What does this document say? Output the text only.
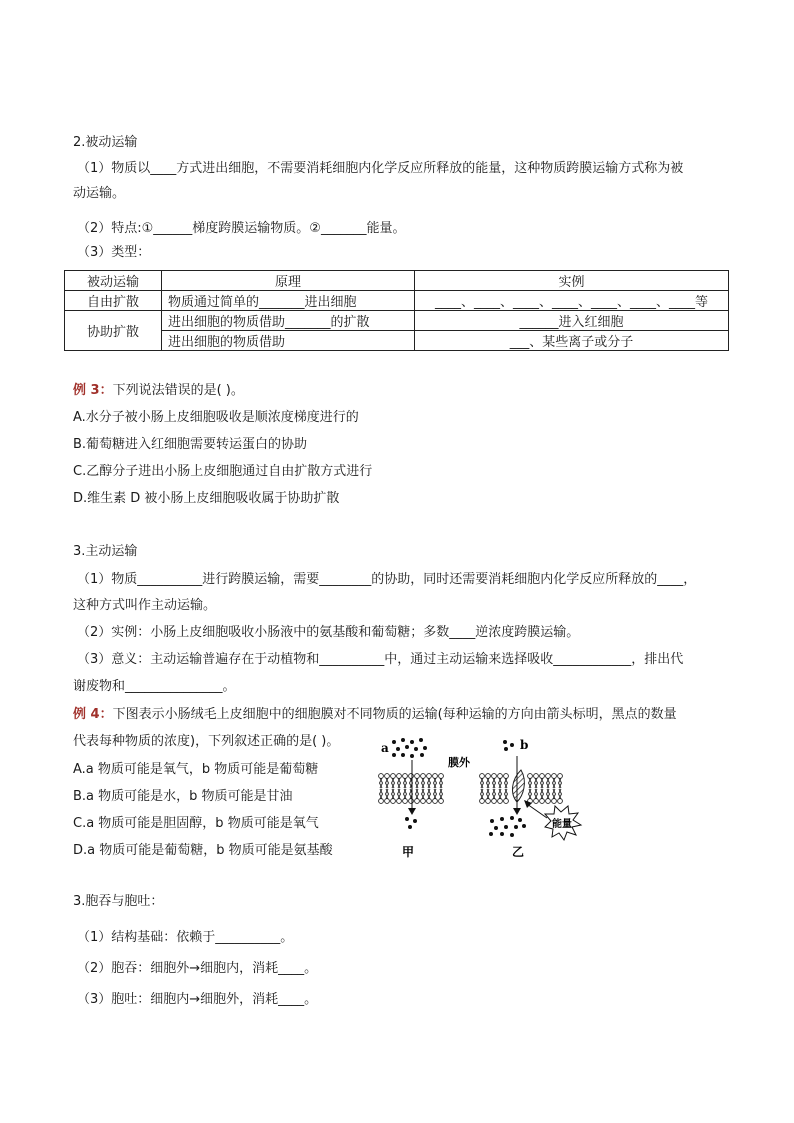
2.被动运输
（1）物质以____方式进出细胞，不需要消耗细胞内化学反应所释放的能量，这种物质跨膜运输方式称为被
动运输。
（2）特点:①______梯度跨膜运输物质。②_______能量。
（3）类型：
被动运输	原理	实例
自由扩散	物质通过简单的_______进出细胞	____、____、____、____、____、____、____等
协助扩散	进出细胞的物质借助_______的扩散	______进入红细胞
	进出细胞的物质借助	___、某些离子或分子
例 3：下列说法错误的是( )。
A.水分子被小肠上皮细胞吸收是顺浓度梯度进行的
B.葡萄糖进入红细胞需要转运蛋白的协助
C.乙醇分子进出小肠上皮细胞通过自由扩散方式进行
D.维生素 D 被小肠上皮细胞吸收属于协助扩散
3.主动运输
（1）物质__________进行跨膜运输，需要________的协助，同时还需要消耗细胞内化学反应所释放的____，
这种方式叫作主动运输。
（2）实例：小肠上皮细胞吸收小肠液中的氨基酸和葡萄糖；多数____逆浓度跨膜运输。
（3）意义：主动运输普遍存在于动植物和__________中，通过主动运输来选择吸收____________，排出代
谢废物和_______________。
例 4：下图表示小肠绒毛上皮细胞中的细胞膜对不同物质的运输(每种运输的方向由箭头标明，黑点的数量
代表每种物质的浓度)，下列叙述正确的是( )。
A.a 物质可能是氧气，b 物质可能是葡萄糖
B.a 物质可能是水，b 物质可能是甘油
C.a 物质可能是胆固醇，b 物质可能是氧气
D.a 物质可能是葡萄糖，b 物质可能是氨基酸
a	b
膜外
甲	乙
能量
3.胞吞与胞吐：
（1）结构基础：依赖于__________。
（2）胞吞：细胞外→细胞内，消耗____。
（3）胞吐：细胞内→细胞外，消耗____。
